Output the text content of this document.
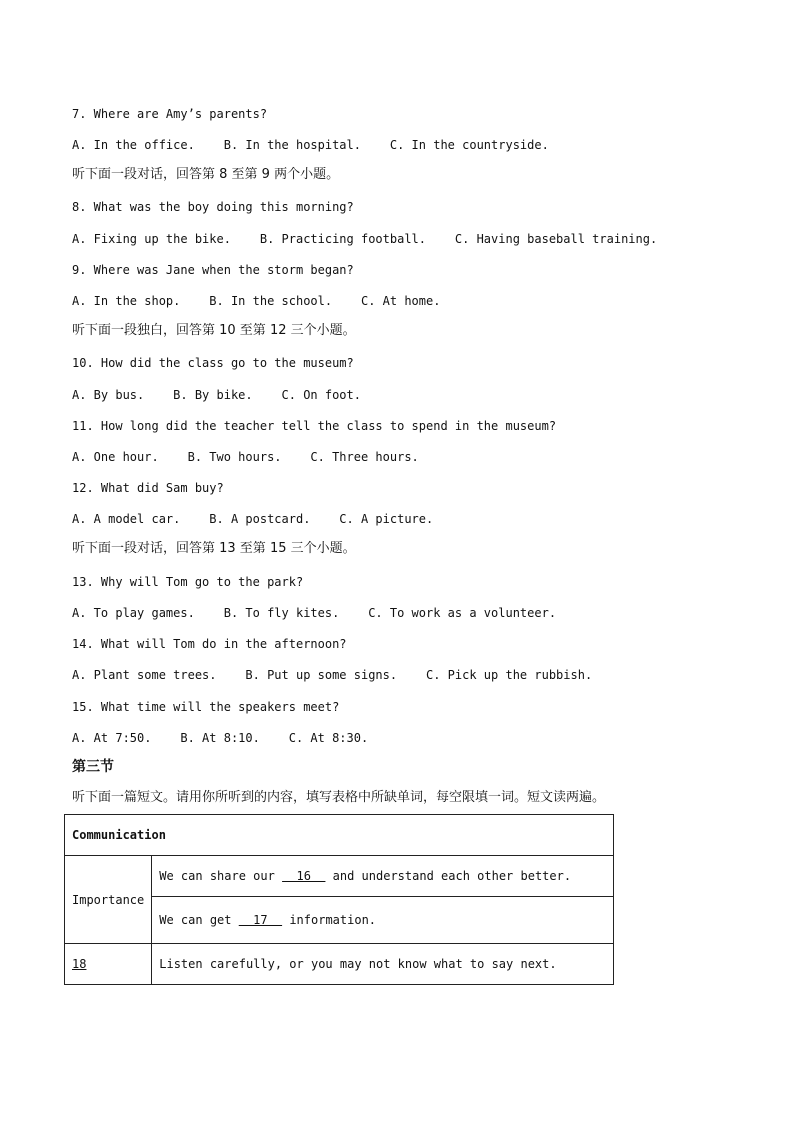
7. Where are Amy’s parents?
A. In the office.    B. In the hospital.    C. In the countryside.
听下面一段对话，回答第 8 至第 9 两个小题。
8. What was the boy doing this morning?
A. Fixing up the bike.    B. Practicing football.    C. Having baseball training.
9. Where was Jane when the storm began?
A. In the shop.    B. In the school.    C. At home.
听下面一段独白，回答第 10 至第 12 三个小题。
10. How did the class go to the museum?
A. By bus.    B. By bike.    C. On foot.
11. How long did the teacher tell the class to spend in the museum?
A. One hour.    B. Two hours.    C. Three hours.
12. What did Sam buy?
A. A model car.    B. A postcard.    C. A picture.
听下面一段对话，回答第 13 至第 15 三个小题。
13. Why will Tom go to the park?
A. To play games.    B. To fly kites.    C. To work as a volunteer.
14. What will Tom do in the afternoon?
A. Plant some trees.    B. Put up some signs.    C. Pick up the rubbish.
15. What time will the speakers meet?
A. At 7:50.    B. At 8:10.    C. At 8:30.
第三节
听下面一篇短文。请用你所听到的内容，填写表格中所缺单词，每空限填一词。短文读两遍。
Communication	
Importance	We can share our   16   and understand each other better.
	We can get   17   information.
18	Listen carefully, or you may not know what to say next.
